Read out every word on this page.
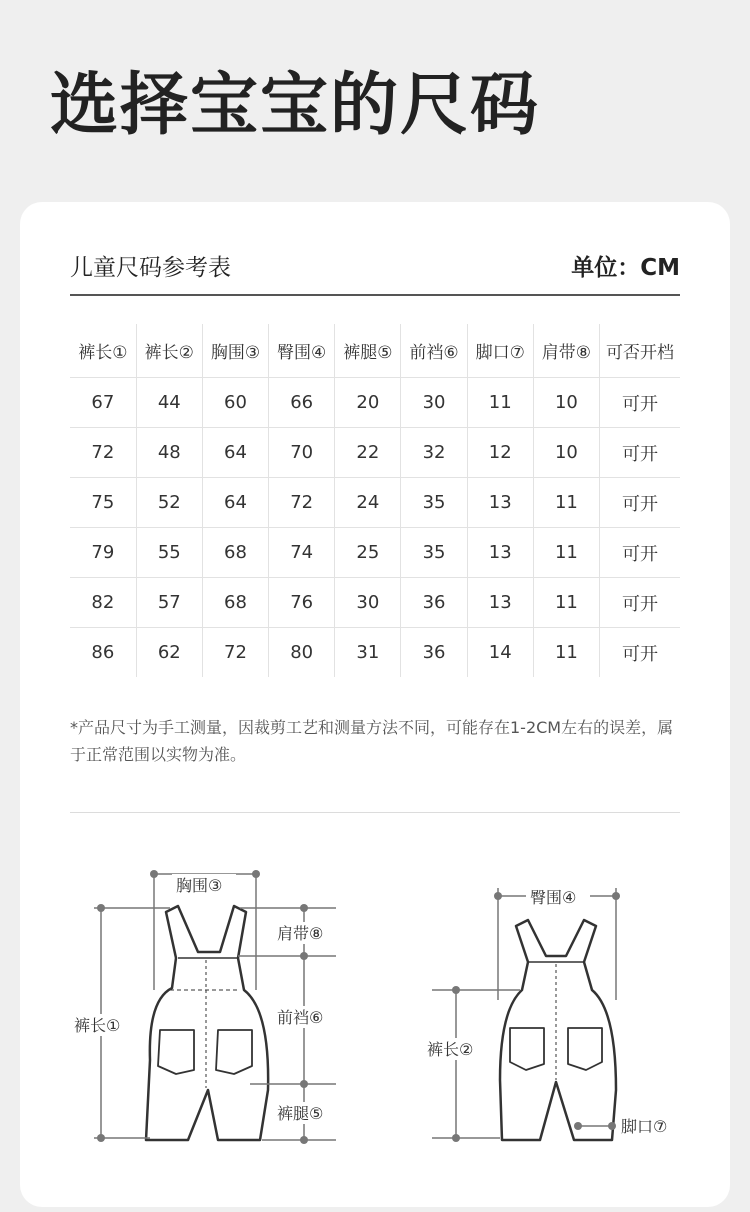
选择宝宝的尺码
儿童尺码参考表	单位：CM
裤长①	裤长②	胸围③	臀围④	裤腿⑤	前裆⑥	脚口⑦	肩带⑧	可否开档
67	44	60	66	20	30	11	10	可开
72	48	64	70	22	32	12	10	可开
75	52	64	72	24	35	13	11	可开
79	55	68	74	25	35	13	11	可开
82	57	68	76	30	36	13	11	可开
86	62	72	80	31	36	14	11	可开
*产品尺寸为手工测量，因裁剪工艺和测量方法不同，可能存在1-2CM左右的误差，属于正常范围以实物为准。
胸围③
肩带⑧
裤长①	前裆⑥
裤腿⑤
臀围④
裤长②
脚口⑦
